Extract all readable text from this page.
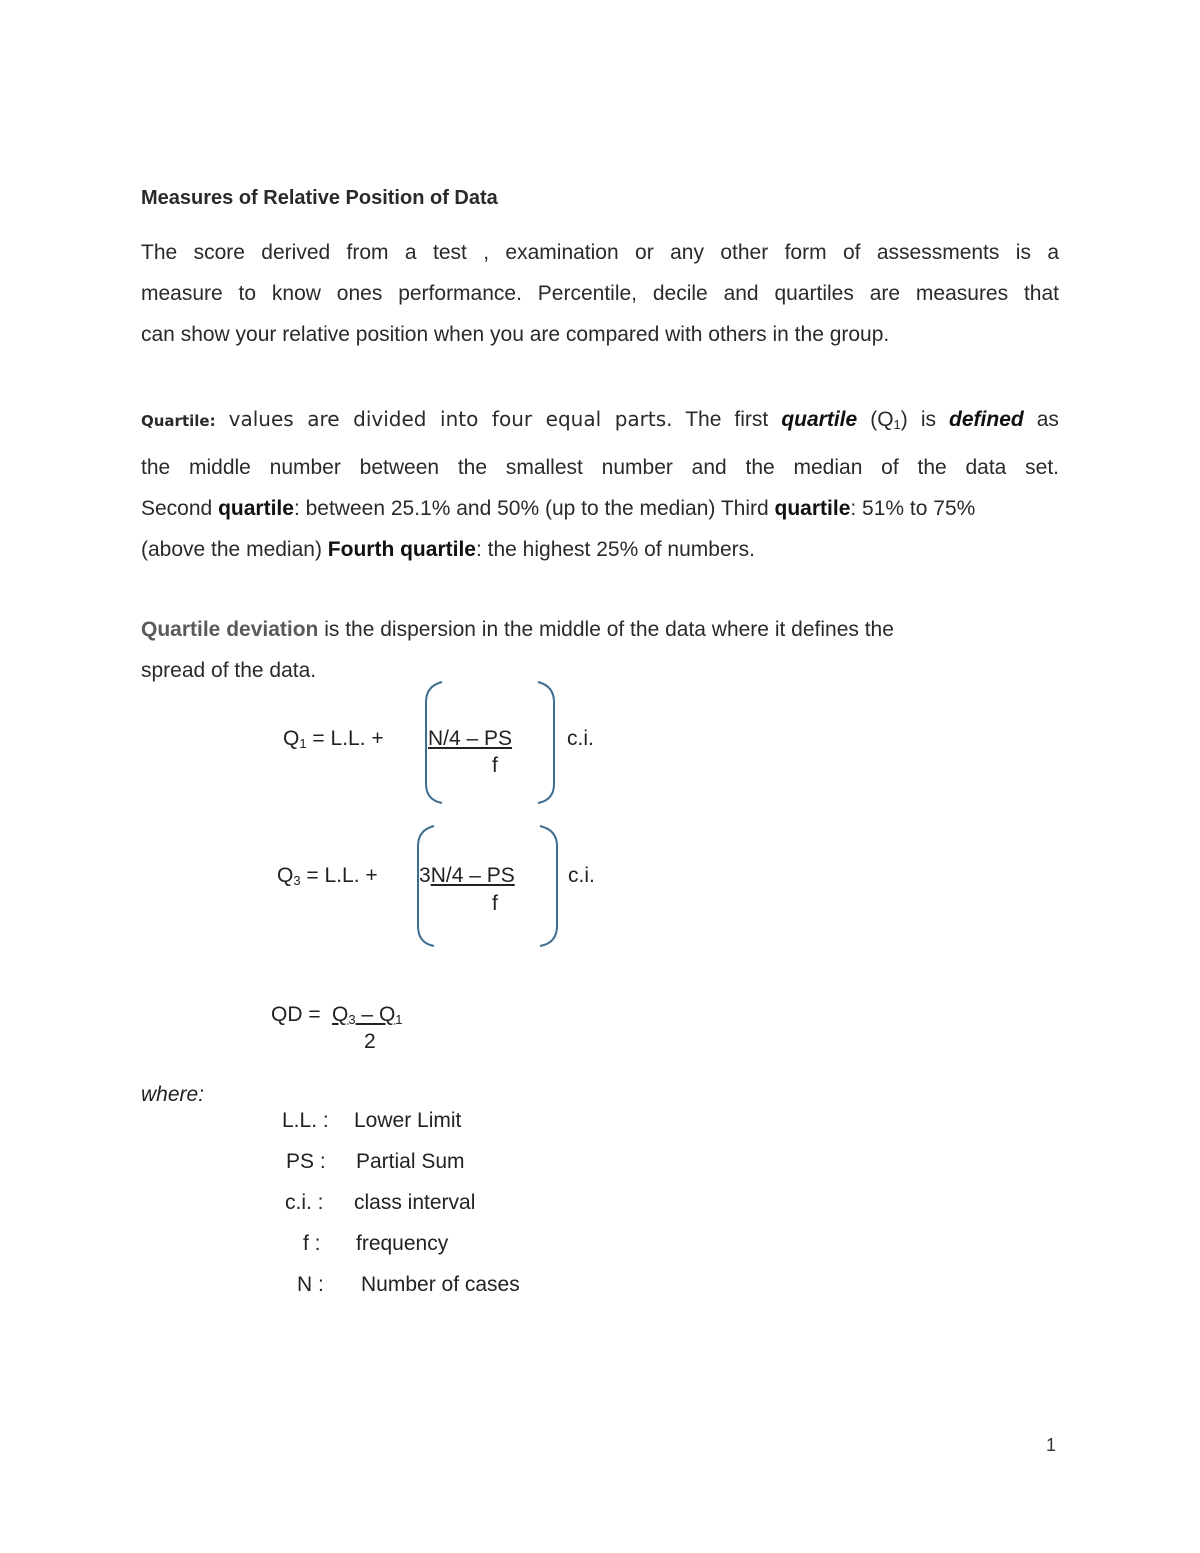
Measures of Relative Position of Data
The score derived from a test , examination or any other form of assessments is a
measure to know ones performance. Percentile, decile and quartiles are measures that
can show your relative position when you are compared with others in the group.
Quartile: values are divided into four equal parts. The first quartile $(Q_1)$ is defined as
the middle number between the smallest number and the median of the data set.
Second quartile: between 25.1% and 50% (up to the median) Third quartile: 51% to 75%
(above the median) Fourth quartile: the highest 25% of numbers.
Quartile deviation is the dispersion in the middle of the data where it defines the
spread of the data.
$Q_1 = L.L$. + N/4 – PS
f
c.i.
$Q_3 = L.L$. + 3N/4 – PS
f
c.i.
QD = $Q_3 - Q_1$
2
where:
L.L. : Lower Limit
PS : Partial Sum
c.i. : class interval
f : frequency
N : Number of cases
1
